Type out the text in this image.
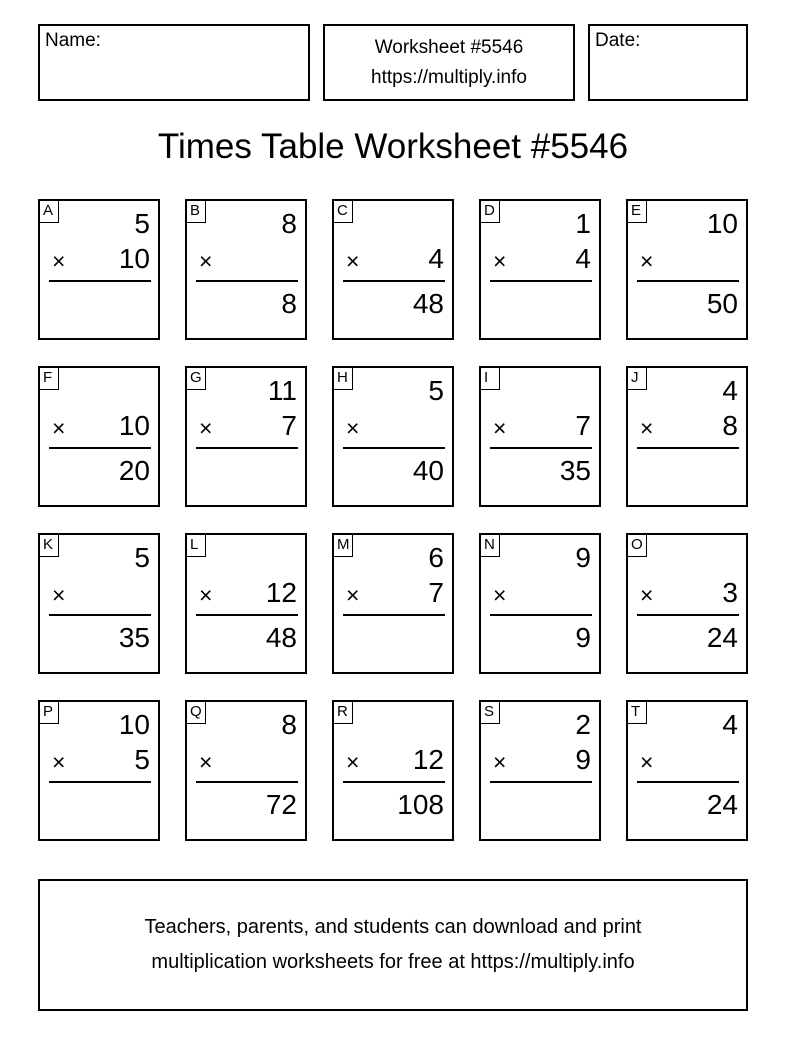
Name:	Worksheet #5546
https://multiply.info
Date:
Times Table Worksheet #5546
A	5
× 10
B	8
×
8
C
× 4
48
D	1
× 4
E 10
×
50
F
× 10
20
G 11
× 7
H	5
×
40
I
× 7
35
J	4
× 8
K	5
×
35
L
× 12
48
M	6
× 7
N	9
×
9
O
× 3
24
P 10
× 5
Q	8
×
72
R
× 12
108
S	2
× 9
T	4
×
24
Teachers, parents, and students can download and print
multiplication worksheets for free at https://multiply.info
